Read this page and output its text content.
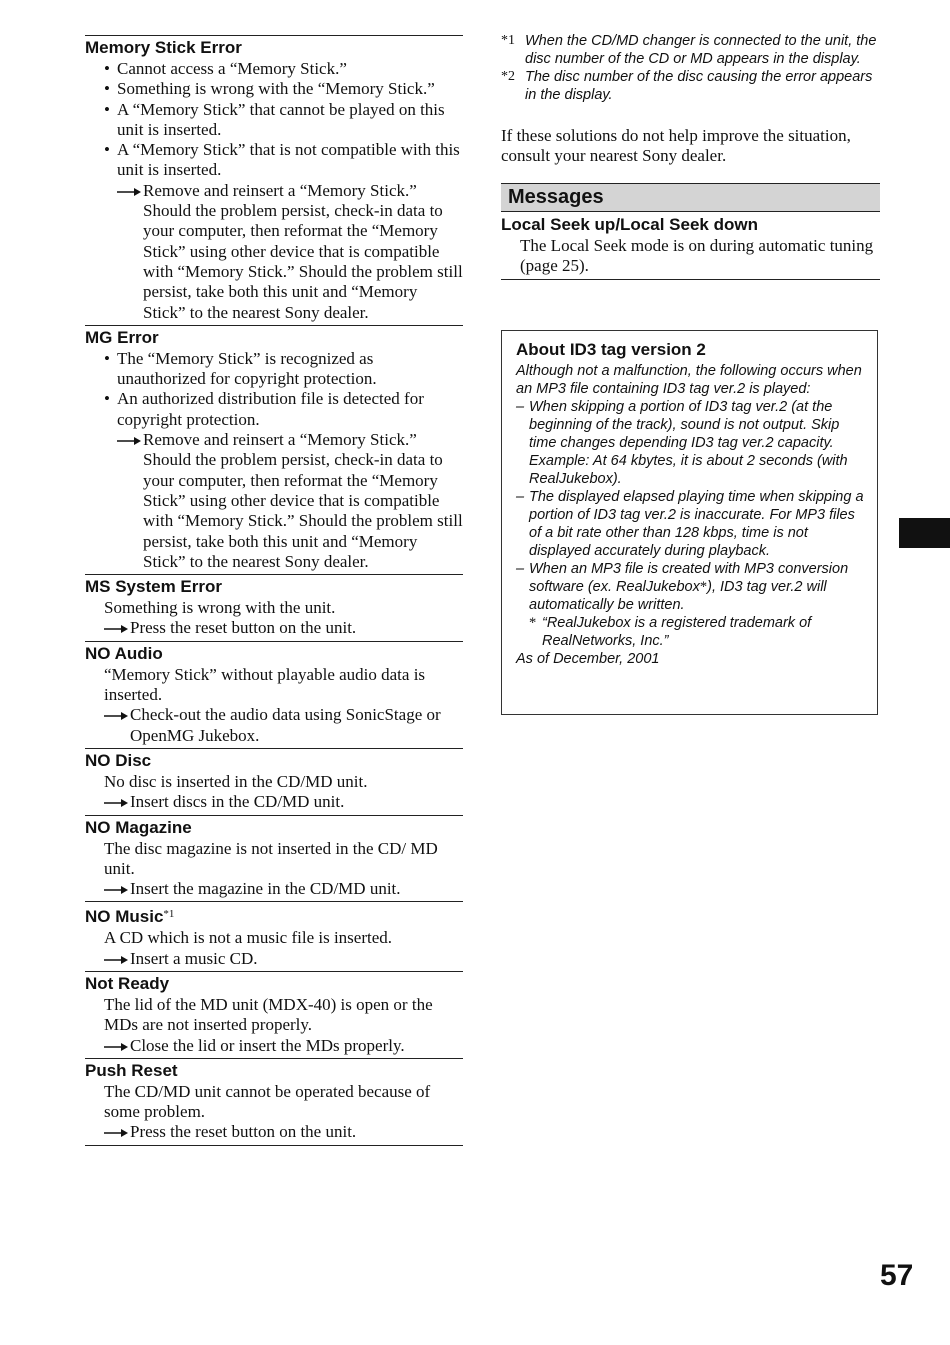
Memory Stick Error
• Cannot access a “Memory Stick.”
• Something is wrong with the “Memory Stick.”
• A “Memory Stick” that cannot be played on this unit is inserted.
• A “Memory Stick” that is not compatible with this unit is inserted.
Remove and reinsert a “Memory Stick.” Should the problem persist, check-in data to your computer, then reformat the “Memory Stick” using other device that is compatible with “Memory Stick.” Should the problem still persist, take both this unit and “Memory Stick” to the nearest Sony dealer.
MG Error
• The “Memory Stick” is recognized as unauthorized for copyright protection.
• An authorized distribution file is detected for copyright protection.
Remove and reinsert a “Memory Stick.” Should the problem persist, check-in data to your computer, then reformat the “Memory Stick” using other device that is compatible with “Memory Stick.” Should the problem still persist, take both this unit and “Memory Stick” to the nearest Sony dealer.
MS System Error
Something is wrong with the unit.
Press the reset button on the unit.
NO Audio
“Memory Stick” without playable audio data is inserted.
Check-out the audio data using SonicStage or OpenMG Jukebox.
NO Disc
No disc is inserted in the CD/MD unit.
Insert discs in the CD/MD unit.
NO Magazine
The disc magazine is not inserted in the CD/ MD unit.
Insert the magazine in the CD/MD unit.
NO Music$^{*1}$
A CD which is not a music file is inserted.
Insert a music CD.
Not Ready
The lid of the MD unit (MDX-40) is open or the MDs are not inserted properly.
Close the lid or insert the MDs properly.
Push Reset
The CD/MD unit cannot be operated because of some problem.
Press the reset button on the unit.
*1 When the CD/MD changer is connected to the unit, the disc number of the CD or MD appears in the display.
*2 The disc number of the disc causing the error appears in the display.
If these solutions do not help improve the situation, consult your nearest Sony dealer.
Messages
Local Seek up/Local Seek down
The Local Seek mode is on during automatic tuning (page 25).
About ID3 tag version 2
Although not a malfunction, the following occurs when an MP3 file containing ID3 tag ver.2 is played:
– When skipping a portion of ID3 tag ver.2 (at the beginning of the track), sound is not output. Skip time changes depending ID3 tag ver.2 capacity.
Example: At 64 kbytes, it is about 2 seconds (with RealJukebox).
– The displayed elapsed playing time when skipping a portion of ID3 tag ver.2 is inaccurate. For MP3 files of a bit rate other than 128 kbps, time is not displayed accurately during playback.
– When an MP3 file is created with MP3 conversion software (ex. RealJukebox*), ID3 tag ver.2 will automatically be written.
* “RealJukebox is a registered trademark of RealNetworks, Inc.”
As of December, 2001
57
